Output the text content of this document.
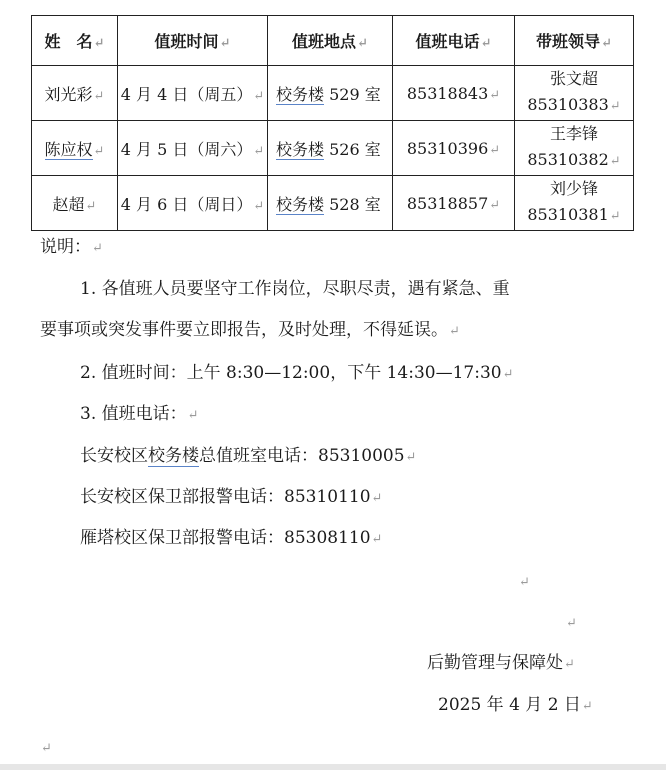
姓　名↵	值班时间↵	值班地点↵	值班电话↵	带班领导↵
刘光彩↵	4 月 4 日（周五）↵	校务楼 529 室	85318843↵	张文超
85310383↵
陈应权↵	4 月 5 日（周六）↵	校务楼 526 室	85310396↵	王李锋
85310382↵
赵超↵	4 月 6 日（周日）↵	校务楼 528 室	85318857↵	刘少锋
85310381↵
说明：↵
1. 各值班人员要坚守工作岗位，尽职尽责，遇有紧急、重
要事项或突发事件要立即报告，及时处理，不得延误。↵
2. 值班时间：上午 8:30—12:00，下午 14:30—17:30↵
3. 值班电话：↵
长安校区校务楼总值班室电话：85310005↵
长安校区保卫部报警电话：85310110↵
雁塔校区保卫部报警电话：85308110↵
↵
↵
后勤管理与保障处↵
2025 年 4 月 2 日↵
↵
